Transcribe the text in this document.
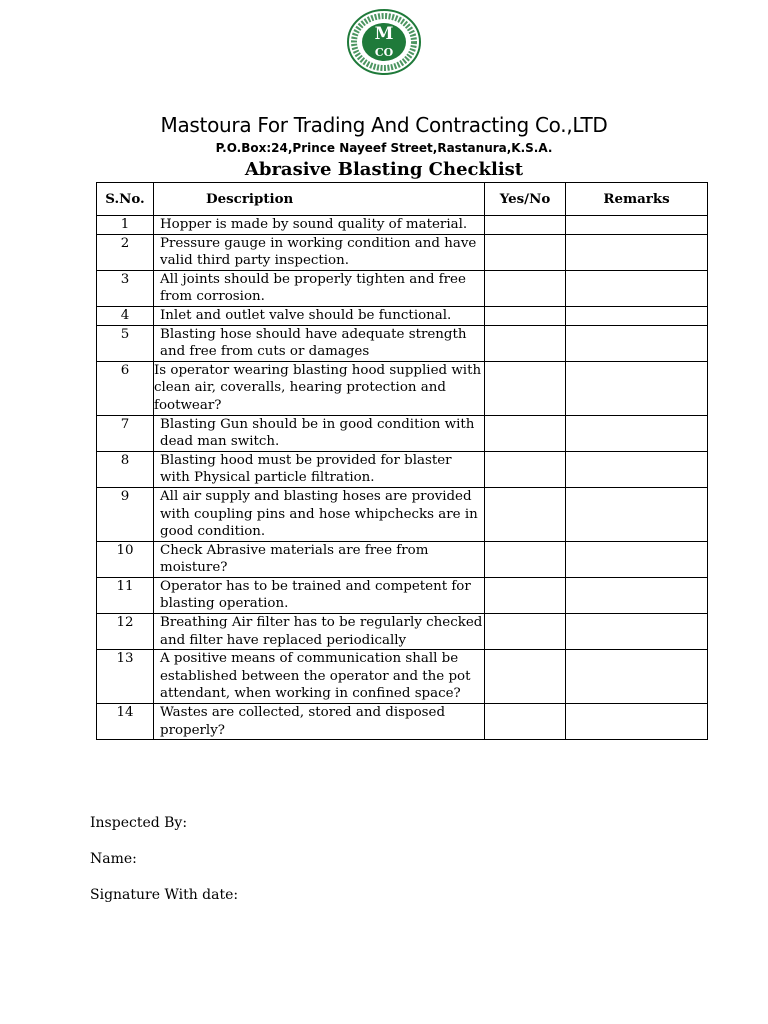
M
CO
Mastoura For Trading And Contracting Co.,LTD
P.O.Box:24,Prince Nayeef Street,Rastanura,K.S.A.
Abrasive Blasting Checklist
S.No.	Description	Yes/No	Remarks
1	Hopper is made by sound quality of material.		
2	Pressure gauge in working condition and have valid third party inspection.		
3	All joints should be properly tighten and free from corrosion.		
4	Inlet and outlet valve should be functional.		
5	Blasting hose should have adequate strength and free from cuts or damages		
6	Is operator wearing blasting hood supplied with clean air, coveralls, hearing protection and footwear?		
7	Blasting Gun should be in good condition with dead man switch.		
8	Blasting hood must be provided for blaster with Physical particle filtration.		
9	All air supply and blasting hoses are provided with coupling pins and hose whipchecks are in good condition.		
10	Check Abrasive materials are free from moisture?		
11	Operator has to be trained and competent for blasting operation.		
12	Breathing Air filter has to be regularly checked and filter have replaced periodically		
13	A positive means of communication shall be established between the operator and the pot attendant, when working in confined space?		
14	Wastes are collected, stored and disposed properly?		
Inspected By:
Name:
Signature With date:
